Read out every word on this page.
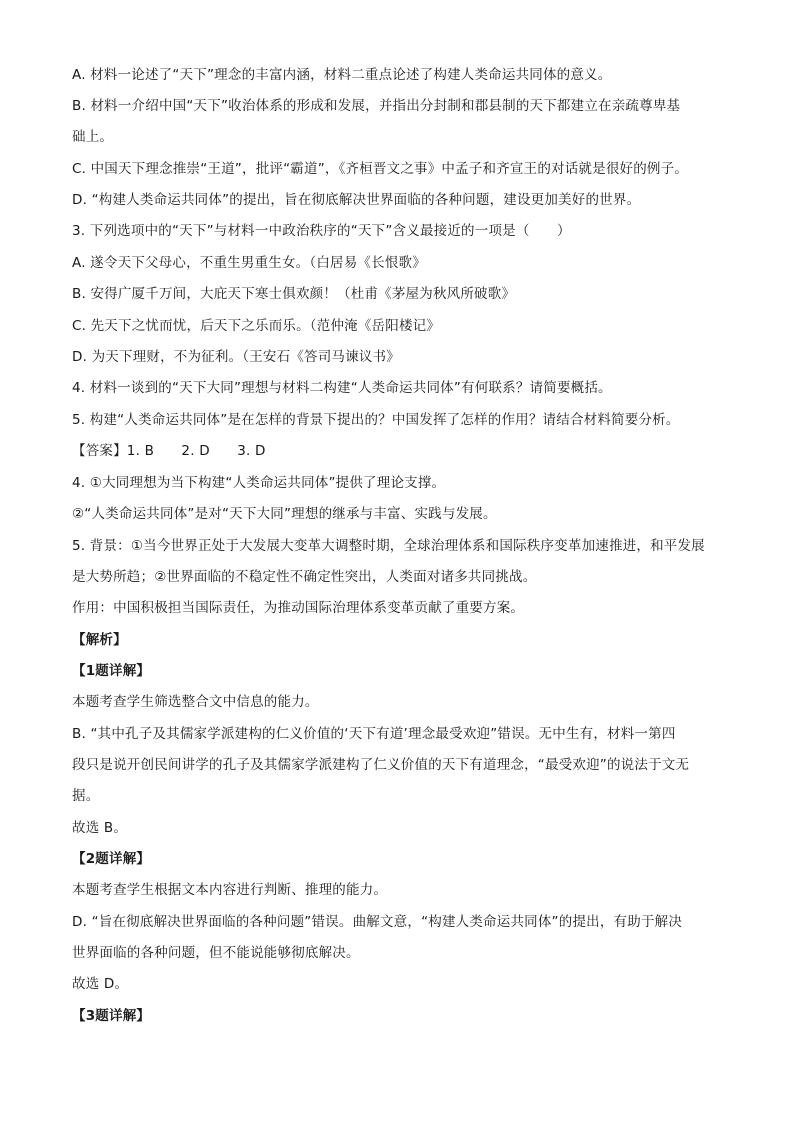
A. 材料一论述了“天下”理念的丰富内涵，材料二重点论述了构建人类命运共同体的意义。
B. 材料一介绍中国“天下”收治体系的形成和发展，并指出分封制和郡县制的天下都建立在亲疏尊卑基
础上。
C. 中国天下理念推崇“王道”，批评“霸道”，《齐桓晋文之事》中孟子和齐宣王的对话就是很好的例子。
D. “构建人类命运共同体”的提出，旨在彻底解决世界面临的各种问题，建设更加美好的世界。
3. 下列选项中的“天下”与材料一中政治秩序的“天下”含义最接近的一项是（　　）
A. 遂令天下父母心，不重生男重生女。（白居易《长恨歌》
B. 安得广厦千万间，大庇天下寒士俱欢颜！（杜甫《茅屋为秋风所破歌》
C. 先天下之忧而忧，后天下之乐而乐。（范仲淹《岳阳楼记》
D. 为天下理财，不为征利。（王安石《答司马谏议书》
4. 材料一谈到的“天下大同”理想与材料二构建“人类命运共同体”有何联系？请简要概括。
5. 构建“人类命运共同体”是在怎样的背景下提出的？中国发挥了怎样的作用？请结合材料简要分析。
【答案】1. B　　2. D　　3. D
4. ①大同理想为当下构建“人类命运共同体”提供了理论支撑。
②“人类命运共同体”是对“天下大同”理想的继承与丰富、实践与发展。
5. 背景：①当今世界正处于大发展大变革大调整时期，全球治理体系和国际秩序变革加速推进，和平发展
是大势所趋；②世界面临的不稳定性不确定性突出，人类面对诸多共同挑战。
作用：中国积极担当国际责任，为推动国际治理体系变革贡献了重要方案。
【解析】
【1题详解】
本题考查学生筛选整合文中信息的能力。
B. “其中孔子及其儒家学派建构的仁义价值的‘天下有道’理念最受欢迎”错误。无中生有，材料一第四
段只是说开创民间讲学的孔子及其儒家学派建构了仁义价值的天下有道理念，“最受欢迎”的说法于文无
据。
故选 B。
【2题详解】
本题考查学生根据文本内容进行判断、推理的能力。
D. “旨在彻底解决世界面临的各种问题”错误。曲解文意，“构建人类命运共同体”的提出，有助于解决
世界面临的各种问题，但不能说能够彻底解决。
故选 D。
【3题详解】
